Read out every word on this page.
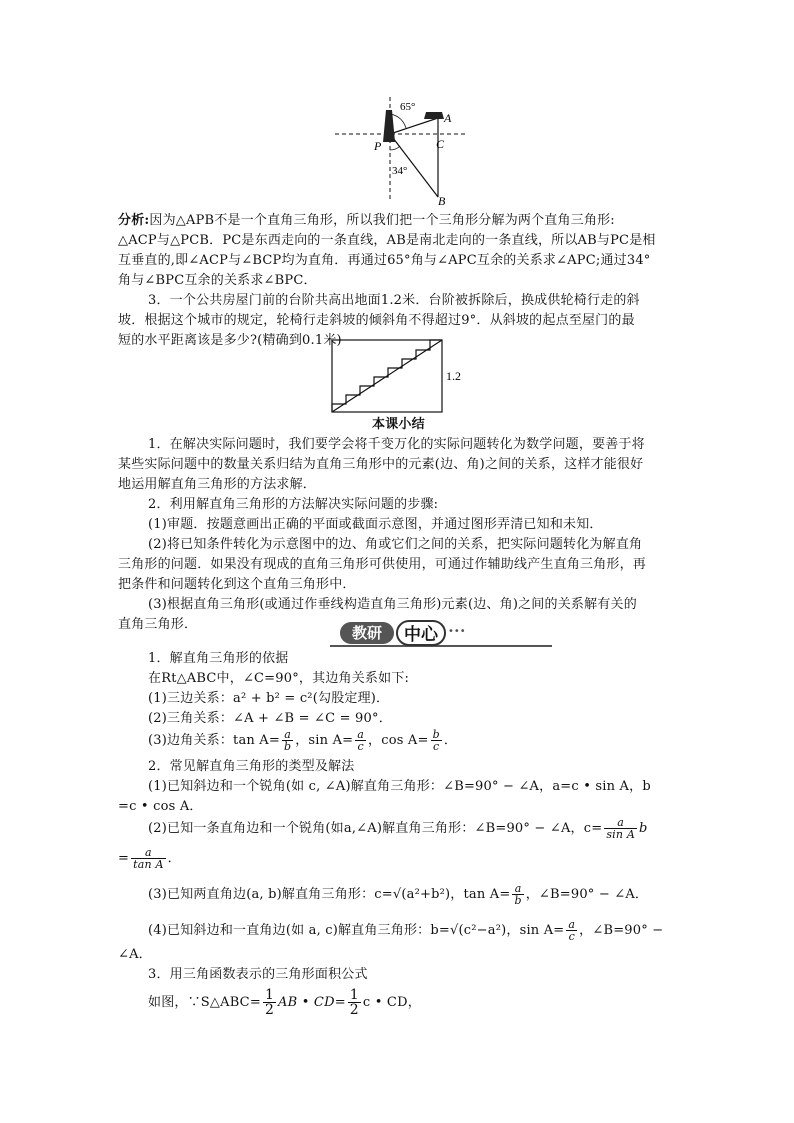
65°
34°
P
A
C
B
分析:因为△APB不是一个直角三角形，所以我们把一个三角形分解为两个直角三角形:
△ACP与△PCB．PC是东西走向的一条直线，AB是南北走向的一条直线，所以AB与PC是相
互垂直的,即∠ACP与∠BCP均为直角．再通过65°角与∠APC互余的关系求∠APC;通过34°
角与∠BPC互余的关系求∠BPC．
3．一个公共房屋门前的台阶共高出地面1.2米．台阶被拆除后，换成供轮椅行走的斜
坡．根据这个城市的规定，轮椅行走斜坡的倾斜角不得超过9°．从斜坡的起点至屋门的最
短的水平距离该是多少?(精确到0.1米)
1.2
本课小结
1．在解决实际问题时，我们要学会将千变万化的实际问题转化为数学问题，要善于将
某些实际问题中的数量关系归结为直角三角形中的元素(边、角)之间的关系，这样才能很好
地运用解直角三角形的方法求解．
2．利用解直角三角形的方法解决实际问题的步骤:
(1)审题．按题意画出正确的平面或截面示意图，并通过图形弄清已知和未知．
(2)将已知条件转化为示意图中的边、角或它们之间的关系，把实际问题转化为解直角
三角形的问题．如果没有现成的直角三角形可供使用，可通过作辅助线产生直角三角形，再
把条件和问题转化到这个直角三角形中．
(3)根据直角三角形(或通过作垂线构造直角三角形)元素(边、角)之间的关系解有关的
直角三角形．	教研	中心	•••
1．解直角三角形的依据
在Rt△ABC中，∠C=90°，其边角关系如下:
(1)三边关系：a² + b² = c²(勾股定理)．
(2)三角关系：∠A + ∠B = ∠C = 90°．
(3)边角关系：$\tan A= \frac{a}{b}$ ，$\sin A= \frac{a}{c}$ ，$\cos A= \frac{b}{c}$ ．
2．常见解直角三角形的类型及解法
(1)已知斜边和一个锐角(如 c, ∠A)解直角三角形：∠B=90° − ∠A，a=c • sin A，b
=c • cos A．
(2)已知一条直角边和一个锐角(如a,∠A)解直角三角形：∠B=90° − ∠A，$c= \frac{a}{\text{sin A}}$ b
= $\frac{a}{\text{tan A}}$ ．
(3)已知两直角边(a, b)解直角三角形：c=√(a²+b²)，$\tan A= \frac{a}{b}$ ，∠B=90° − ∠A．
(4)已知斜边和一直角边(如 a, c)解直角三角形：b=√(c²−a²)，$\sin A= \frac{a}{c}$ ，∠B=90° −
∠A．
3．用三角函数表示的三角形面积公式
如图，∵S△ABC= $\frac{1}{2}$ AB • $CD= \frac{1}{2}$ c • CD，
